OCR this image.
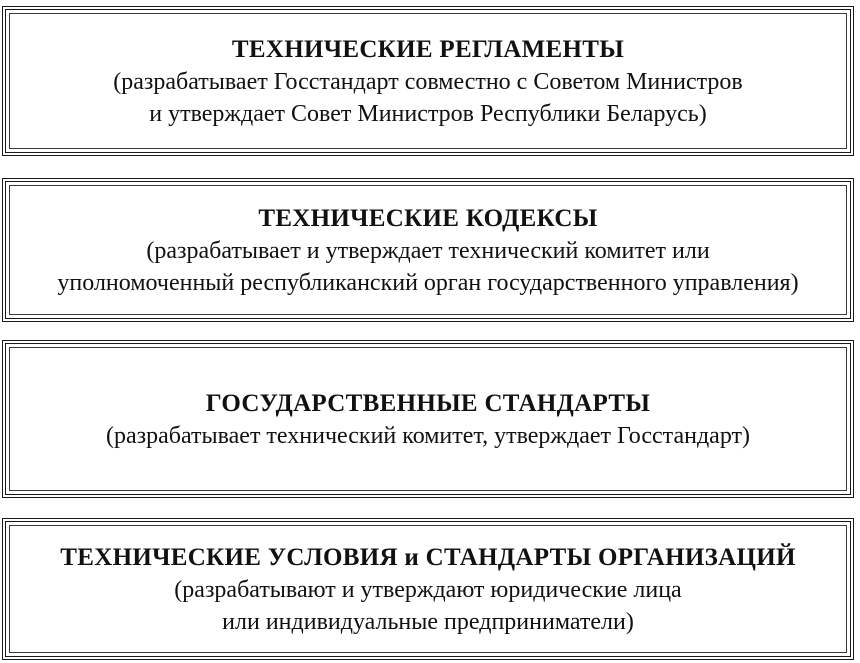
ТЕХНИЧЕСКИЕ РЕГЛАМЕНТЫ
(разрабатывает Госстандарт совместно с Советом Министров
и утверждает Совет Министров Республики Беларусь)
ТЕХНИЧЕСКИЕ КОДЕКСЫ
(разрабатывает и утверждает технический комитет или
уполномоченный республиканский орган государственного управления)
ГОСУДАРСТВЕННЫЕ СТАНДАРТЫ
(разрабатывает технический комитет, утверждает Госстандарт)
ТЕХНИЧЕСКИЕ УСЛОВИЯ и СТАНДАРТЫ ОРГАНИЗАЦИЙ
(разрабатывают и утверждают юридические лица
или индивидуальные предприниматели)
